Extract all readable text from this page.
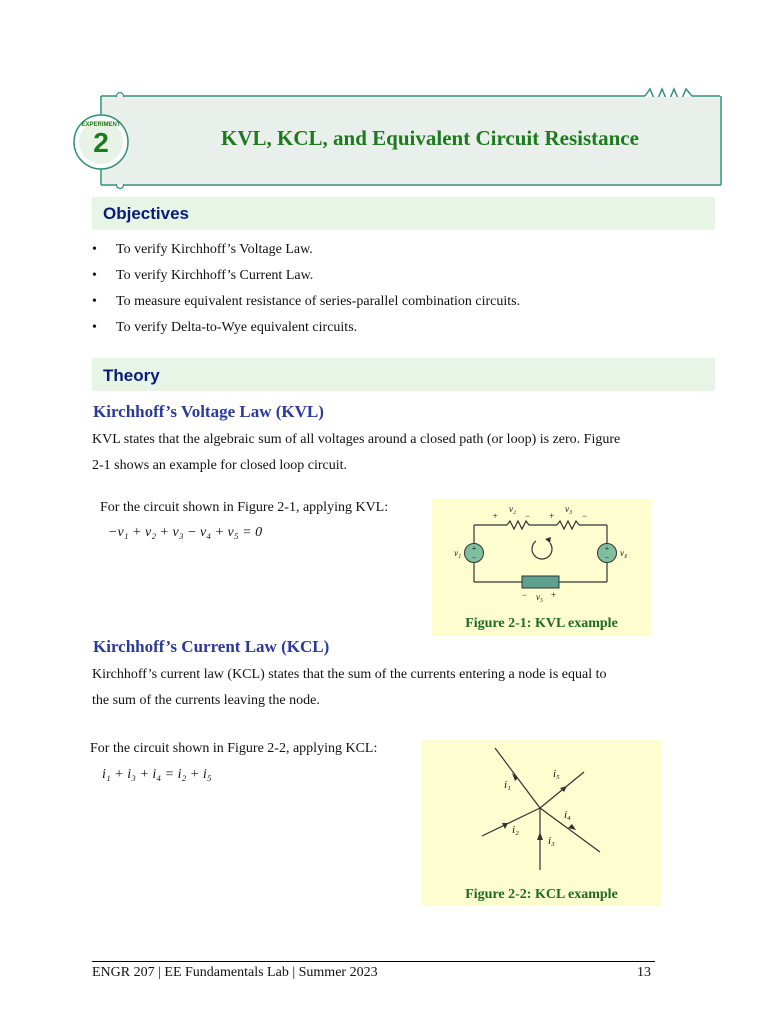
2
EXPERIMENT
KVL, KCL, and Equivalent Circuit Resistance
Objectives
• To verify Kirchhoff’s Voltage Law.
• To verify Kirchhoff’s Current Law.
• To measure equivalent resistance of series-parallel combination circuits.
• To verify Delta-to-Wye equivalent circuits.
Theory
Kirchhoff’s Voltage Law (KVL)
KVL states that the algebraic sum of all voltages around a closed path (or loop) is zero. Figure
2-1 shows an example for closed loop circuit.
For the circuit shown in Figure 2-1, applying KVL:
−v₁ + v₂ + v₃ − v₄ + v₅ = 0
+
−
+
−
+
v₂
− +
v₃
−
v₁	v₄
− v₅ +
Figure 2-1: KVL example
Kirchhoff’s Current Law (KCL)
Kirchhoff’s current law (KCL) states that the sum of the currents entering a node is equal to
the sum of the currents leaving the node.
For the circuit shown in Figure 2-2, applying KCL:
i₁ + i₃ + i₄ = i₂ + i₅
i₁
i₅
i₄
i₂
i₃
Figure 2-2: KCL example
ENGR 207 | EE Fundamentals Lab | Summer 2023	13
